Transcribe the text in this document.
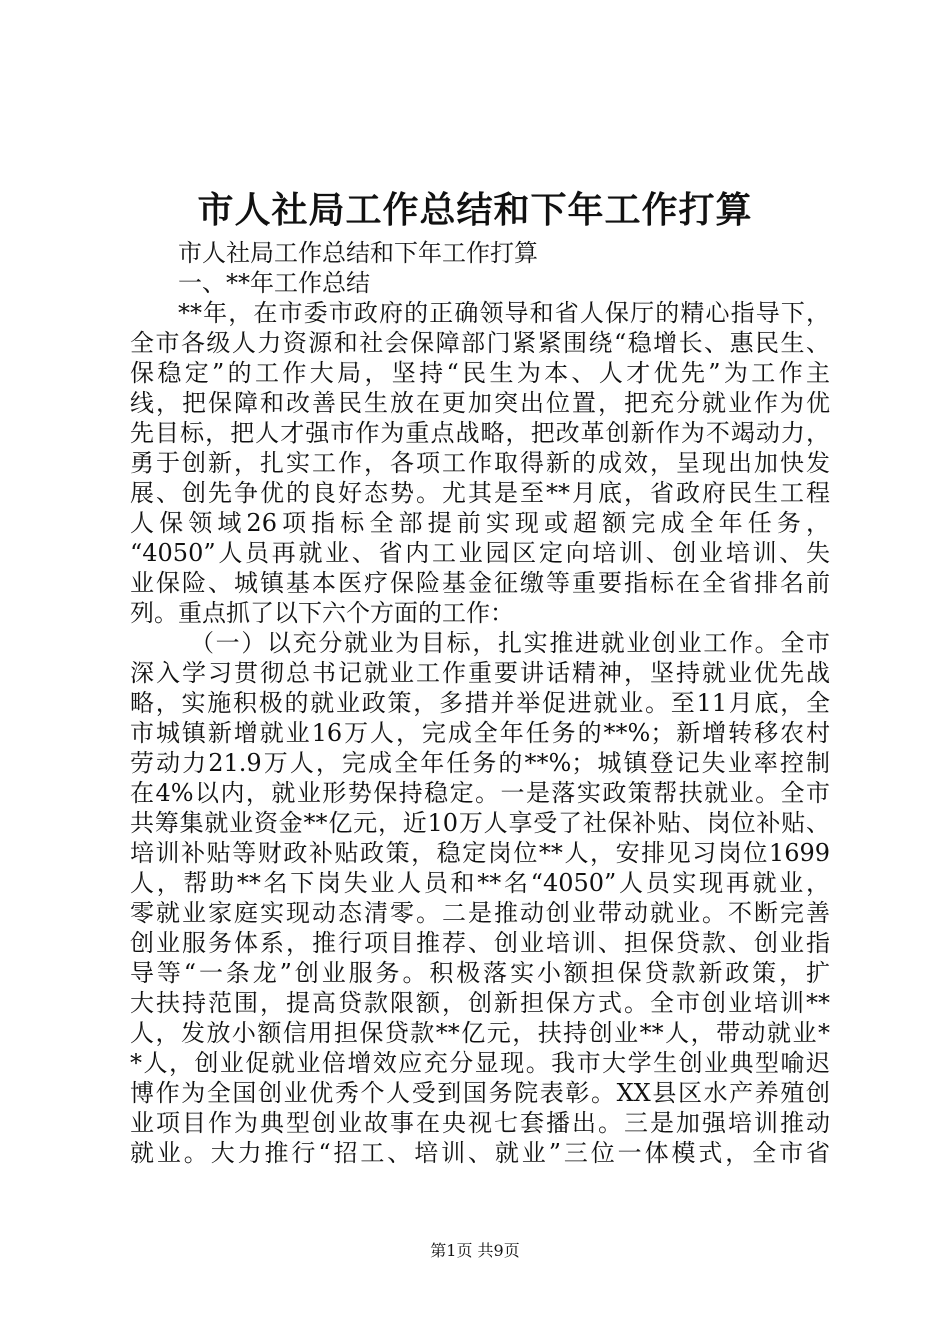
市人社局工作总结和下年工作打算
市人社局工作总结和下年工作打算
一、**年工作总结
**年，在市委市政府的正确领导和省人保厅的精心指导下，
全市各级人力资源和社会保障部门紧紧围绕“稳增长、惠民生、
保稳定”的工作大局，坚持“民生为本、人才优先”为工作主
线，把保障和改善民生放在更加突出位置，把充分就业作为优
先目标，把人才强市作为重点战略，把改革创新作为不竭动力，
勇于创新，扎实工作，各项工作取得新的成效，呈现出加快发
展、创先争优的良好态势。尤其是至**月底，省政府民生工程
人保领域26项指标全部提前实现或超额完成全年任务，
“4050”人员再就业、省内工业园区定向培训、创业培训、失
业保险、城镇基本医疗保险基金征缴等重要指标在全省排名前
列。重点抓了以下六个方面的工作：
（一）以充分就业为目标，扎实推进就业创业工作。全市
深入学习贯彻总书记就业工作重要讲话精神，坚持就业优先战
略，实施积极的就业政策，多措并举促进就业。至11月底，全
市城镇新增就业16万人，完成全年任务的**%；新增转移农村
劳动力21.9万人，完成全年任务的**%；城镇登记失业率控制
在4%以内，就业形势保持稳定。一是落实政策帮扶就业。全市
共筹集就业资金**亿元，近10万人享受了社保补贴、岗位补贴、
培训补贴等财政补贴政策，稳定岗位**人，安排见习岗位1699
人，帮助**名下岗失业人员和**名“4050”人员实现再就业，
零就业家庭实现动态清零。二是推动创业带动就业。不断完善
创业服务体系，推行项目推荐、创业培训、担保贷款、创业指
导等“一条龙”创业服务。积极落实小额担保贷款新政策，扩
大扶持范围，提高贷款限额，创新担保方式。全市创业培训**
人，发放小额信用担保贷款**亿元，扶持创业**人，带动就业*
*人，创业促就业倍增效应充分显现。我市大学生创业典型喻迟
博作为全国创业优秀个人受到国务院表彰。XX县区水产养殖创
业项目作为典型创业故事在央视七套播出。三是加强培训推动
就业。大力推行“招工、培训、就业”三位一体模式，全市省
第1页 共9页
